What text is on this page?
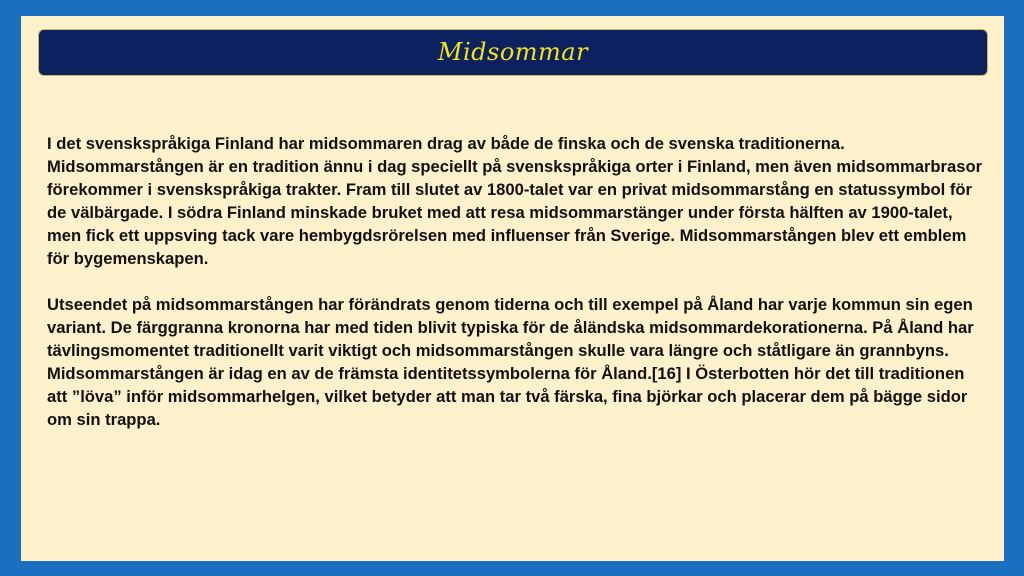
Midsommar

I det svenskspråkiga Finland har midsommaren drag av både de finska och de svenska traditionerna. Midsommarstången är en tradition ännu i dag speciellt på svenskspråkiga orter i Finland, men även midsommarbrasor förekommer i svenskspråkiga trakter. Fram till slutet av 1800-talet var en privat midsommarstång en statussymbol för de välbärgade. I södra Finland minskade bruket med att resa midsommarstänger under första hälften av 1900-talet, men fick ett uppsving tack vare hembygdsrörelsen med influenser från Sverige. Midsommarstången blev ett emblem för bygemenskapen.

Utseendet på midsommarstången har förändrats genom tiderna och till exempel på Åland har varje kommun sin egen variant. De färggranna kronorna har med tiden blivit typiska för de åländska midsommardekorationerna. På Åland har tävlingsmomentet traditionellt varit viktigt och midsommarstången skulle vara längre och ståtligare än grannbyns. Midsommarstången är idag en av de främsta identitetssymbolerna för Åland.[16] I Österbotten hör det till traditionen att ”löva” inför midsommarhelgen, vilket betyder att man tar två färska, fina björkar och placerar dem på bägge sidor om sin trappa.
